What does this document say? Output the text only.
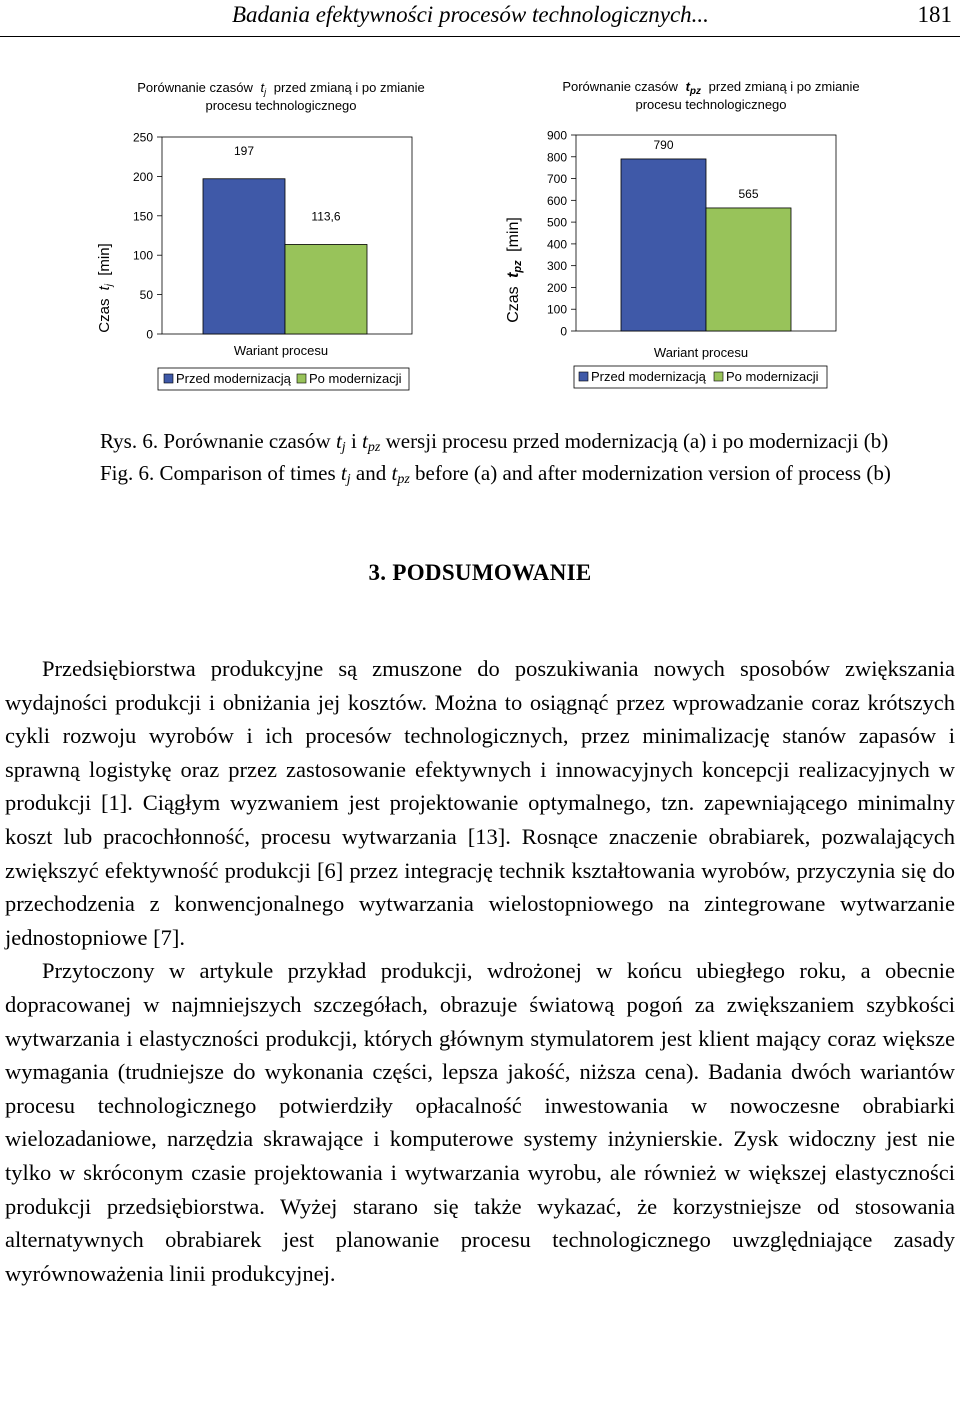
Badania efektywności procesów technologicznych...	181
Porównanie czasów $t_j$ przed zmianą i po zmianie
procesu technologicznego
Czas $t_j$ [min]
0
50
100
150
200
250
197
113,6
Wariant procesu
Przed modernizacją Po modernizacji
Porównanie czasów $t_{pz}$ przed zmianą i po zmianie
procesu technologicznego
Czas tpz [min]
0
100
200
300
400
500
600
700
800
900
790
565
Wariant procesu
Przed modernizacją Po modernizacji
Rys. 6. Porównanie czasów $t_j$ i $t_{pz}$ wersji procesu przed modernizacją (a) i po modernizacji (b)
Fig. 6. Comparison of times $t_j$ and $t_{pz}$ before (a) and after modernization version of process (b)
3. PODSUMOWANIE

Przedsiębiorstwa produkcyjne są zmuszone do poszukiwania nowych sposobów zwiększania wydajności produkcji i obniżania jej kosztów. Można to osiągnąć przez wprowadzanie coraz krótszych cykli rozwoju wyrobów i ich procesów technologicznych, przez minimalizację stanów zapasów i sprawną logistykę oraz przez zastosowanie efektywnych i innowacyjnych koncepcji realizacyjnych w produkcji [1]. Ciągłym wyzwaniem jest projektowanie optymalnego, tzn. zapewniającego minimalny koszt lub pracochłonność, procesu wytwarzania [13]. Rosnące znaczenie obrabiarek, pozwalających zwiększyć efektywność produkcji [6] przez integrację technik kształtowania wyrobów, przyczynia się do przechodzenia z konwencjonalnego wytwarzania wielostopniowego na zintegrowane wytwarzanie jednostopniowe [7].

Przytoczony w artykule przykład produkcji, wdrożonej w końcu ubiegłego roku, a obecnie dopracowanej w najmniejszych szczegółach, obrazuje światową pogoń za zwiększaniem szybkości wytwarzania i elastyczności produkcji, których głównym stymulatorem jest klient mający coraz większe wymagania (trudniejsze do wykonania części, lepsza jakość, niższa cena). Badania dwóch wariantów procesu technologicznego potwierdziły opłacalność inwestowania w nowoczesne obrabiarki wielozadaniowe, narzędzia skrawające i komputerowe systemy inżynierskie. Zysk widoczny jest nie tylko w skróconym czasie projektowania i wytwarzania wyrobu, ale również w większej elastyczności produkcji przedsiębiorstwa. Wyżej starano się także wykazać, że korzystniejsze od stosowania alternatywnych obrabiarek jest planowanie procesu technologicznego uwzględniające zasady wyrównoważenia linii produkcyjnej.
